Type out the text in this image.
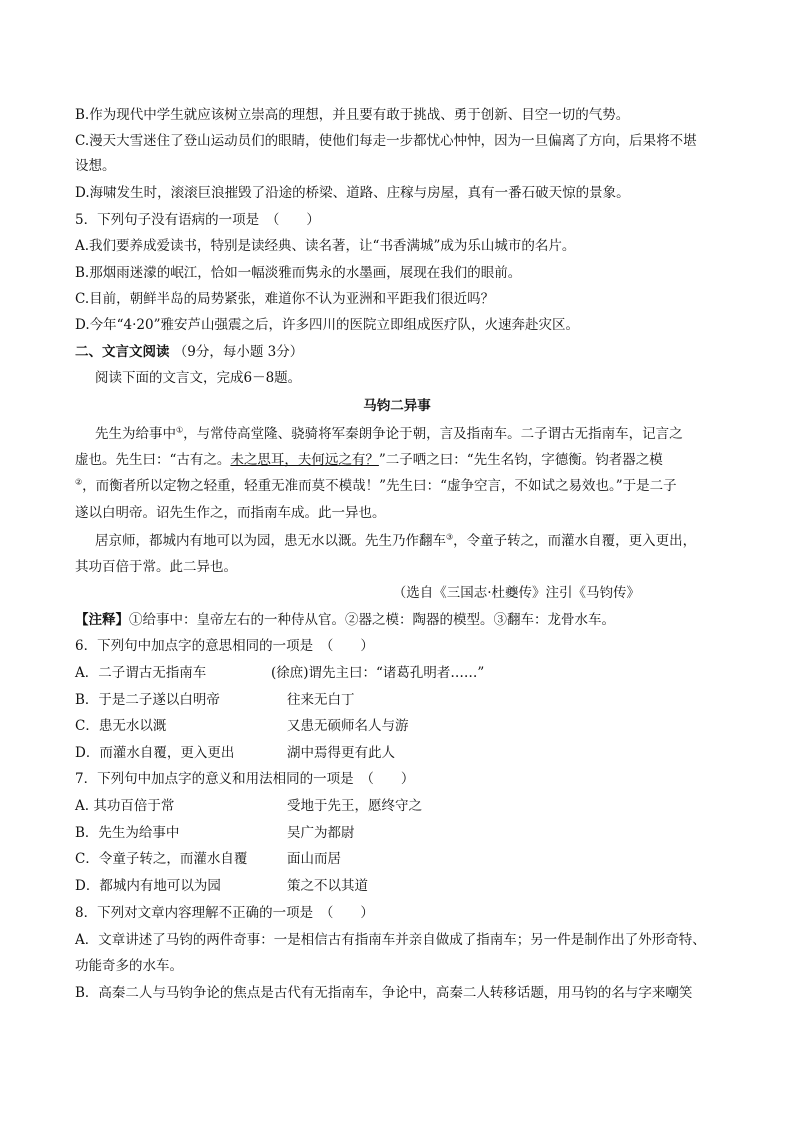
B.作为现代中学生就应该树立崇高的理想，并且要有敢于挑战、勇于创新、目空一切的气势。
C.漫天大雪迷住了登山运动员们的眼睛，使他们每走一步都忧心忡忡，因为一旦偏离了方向，后果将不堪
设想。
D.海啸发生时，滚滚巨浪摧毁了沿途的桥梁、道路、庄稼与房屋，真有一番石破天惊的景象。
5．下列句子没有语病的一项是　（　　）
A.我们要养成爱读书，特别是读经典、读名著，让“书香满城”成为乐山城市的名片。
B.那烟雨迷濛的岷江，恰如一幅淡雅而隽永的水墨画，展现在我们的眼前。
C.目前，朝鲜半岛的局势紧张，难道你不认为亚洲和平距我们很近吗？
D.今年“4·20”雅安芦山强震之后，许多四川的医院立即组成医疗队，火速奔赴灾区。
二、文言文阅读 （9分，每小题 3分）
阅读下面的文言文，完成6－8题。
马钧二异事
先生为给事中①，与常侍高堂隆、骁骑将军秦朗争论于朝，言及指南车。二子谓古无指南车，记言之
虚也。先生曰：“古有之。未之思耳，夫何远之有？”二子哂之曰：“先生名钧，字德衡。钧者器之模
②，而衡者所以定物之轻重，轻重无准而莫不模哉！”先生曰：“虚争空言，不如试之易效也。”于是二子
遂以白明帝。诏先生作之，而指南车成。此一异也。
居京师，都城内有地可以为园，患无水以溉。先生乃作翻车③，令童子转之，而灌水自覆，更入更出，
其功百倍于常。此二异也。
（选自《三国志·杜夔传》注引《马钧传》
【注释】①给事中：皇帝左右的一种侍从官。②器之模：陶器的模型。③翻车：龙骨水车。
6．下列句中加点字的意思相同的一项是　（　　）
A．二子谓古无指南车	(徐庶)谓先主曰：“诸葛孔明者……”
B．于是二子遂以白明帝	往来无白丁
C．患无水以溉	又患无硕师名人与游
D．而灌水自覆，更入更出	湖中焉得更有此人
7．下列句中加点字的意义和用法相同的一项是　（　　）
A. 其功百倍于常	受地于先王，愿终守之
B．先生为给事中	吴广为都尉
C．令童子转之，而灌水自覆	面山而居
D．都城内有地可以为园	策之不以其道
8．下列对文章内容理解不正确的一项是　（　　）
A．文章讲述了马钧的两件奇事：一是相信古有指南车并亲自做成了指南车；另一件是制作出了外形奇特、
功能奇多的水车。
B．高秦二人与马钧争论的焦点是古代有无指南车，争论中，高秦二人转移话题，用马钧的名与字来嘲笑
